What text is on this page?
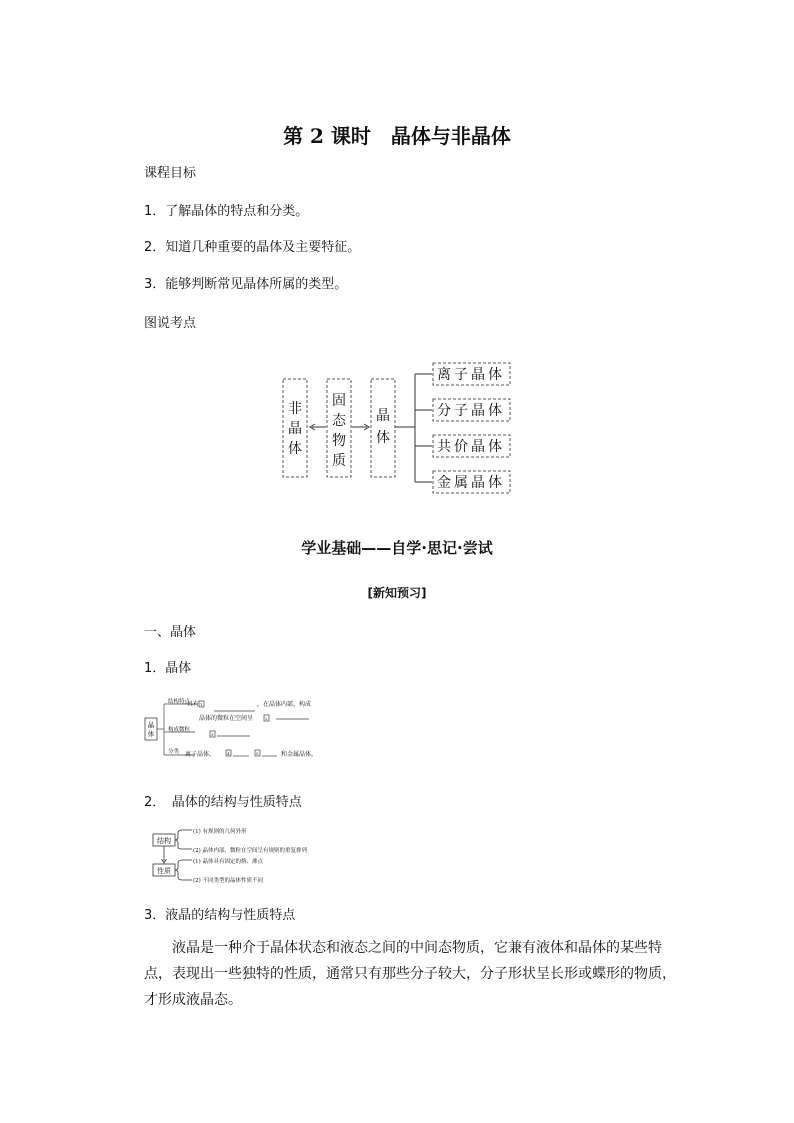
第 2 课时　晶体与非晶体
课程目标
1．了解晶体的特点和分类。
2．知道几种重要的晶体及主要特征。
3．能够判断常见晶体所属的类型。
图说考点
非
晶
体
固
态
物
质
晶
体
离子晶体
分子晶体
共价晶体
金属晶体
学业基础——自学·思记·尝试
[新知预习]
一、晶体
1．晶体
晶
体
结构特点
构成微粒
分类
具有 1	，在晶体内部，构成
晶体的微粒在空间呈	2
3
离子晶体、	4	5	和金属晶体。
2．　晶体的结构与性质特点
结构
性质
(1) 有规则的几何外形
(2) 晶体内部，微粒在空间呈有规则的重复排列
(1) 晶体具有固定的熔、沸点
(2) 不同类型的晶体性质不同
3．液晶的结构与性质特点
液晶是一种介于晶体状态和液态之间的中间态物质，它兼有液体和晶体的某些特点，表现出一些独特的性质，通常只有那些分子较大，分子形状呈长形或蝶形的物质，才形成液晶态。
